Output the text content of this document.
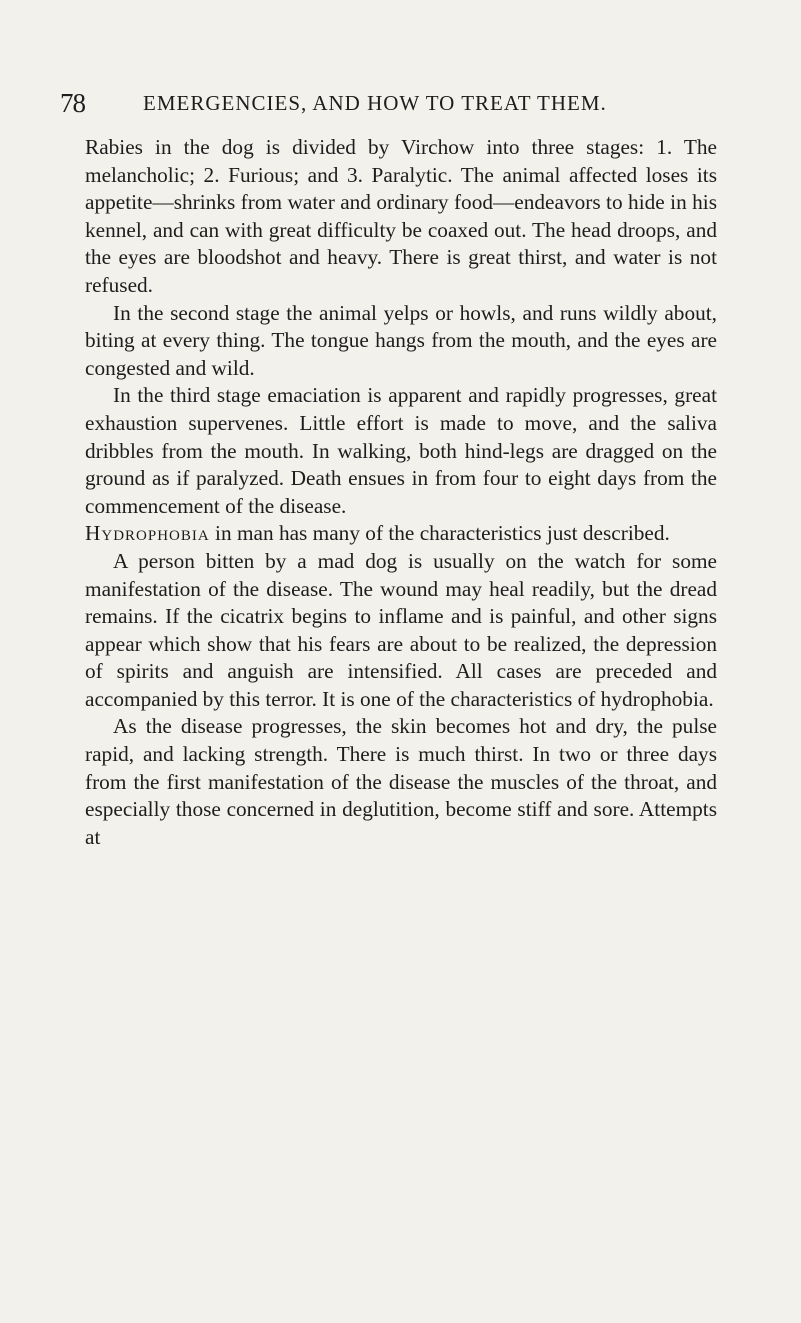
78	EMERGENCIES, AND HOW TO TREAT THEM.

Rabies in the dog is divided by Virchow into three stages: 1. The melancholic; 2. Furious; and 3. Paralytic. The animal affected loses its appetite—shrinks from water and ordinary food—endeavors to hide in his kennel, and can with great difficulty be coaxed out. The head droops, and the eyes are bloodshot and heavy. There is great thirst, and water is not refused.

In the second stage the animal yelps or howls, and runs wildly about, biting at every thing. The tongue hangs from the mouth, and the eyes are congested and wild.

In the third stage emaciation is apparent and rapidly progresses, great exhaustion supervenes. Little effort is made to move, and the saliva dribbles from the mouth. In walking, both hind-legs are dragged on the ground as if paralyzed. Death ensues in from four to eight days from the commencement of the disease.

Hydrophobia in man has many of the characteristics just described.

A person bitten by a mad dog is usually on the watch for some manifestation of the disease. The wound may heal readily, but the dread remains. If the cicatrix begins to inflame and is painful, and other signs appear which show that his fears are about to be realized, the depression of spirits and anguish are intensified. All cases are preceded and accompanied by this terror. It is one of the characteristics of hydrophobia.

As the disease progresses, the skin becomes hot and dry, the pulse rapid, and lacking strength. There is much thirst. In two or three days from the first manifestation of the disease the muscles of the throat, and especially those concerned in deglutition, become stiff and sore. Attempts at
